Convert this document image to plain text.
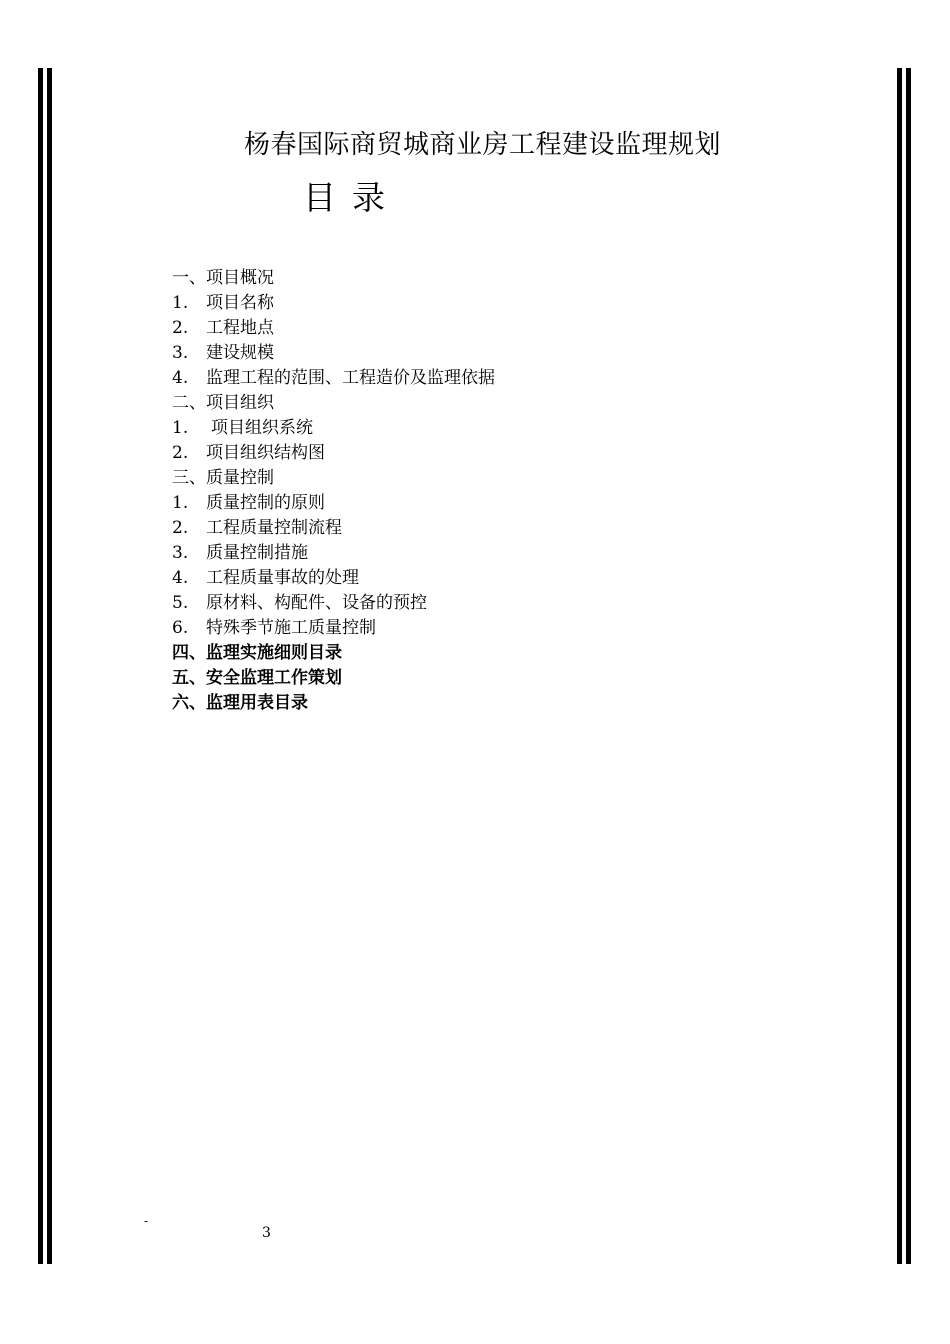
杨春国际商贸城商业房工程建设监理规划
目录
一、项目概况
1. 项目名称
2. 工程地点
3. 建设规模
4. 监理工程的范围、工程造价及监理依据
二、项目组织
1. 项目组织系统
2. 项目组织结构图
三、质量控制
1. 质量控制的原则
2. 工程质量控制流程
3. 质量控制措施
4. 工程质量事故的处理
5. 原材料、构配件、设备的预控
6. 特殊季节施工质量控制
四、监理实施细则目录
五、安全监理工作策划
六、监理用表目录
-
3
